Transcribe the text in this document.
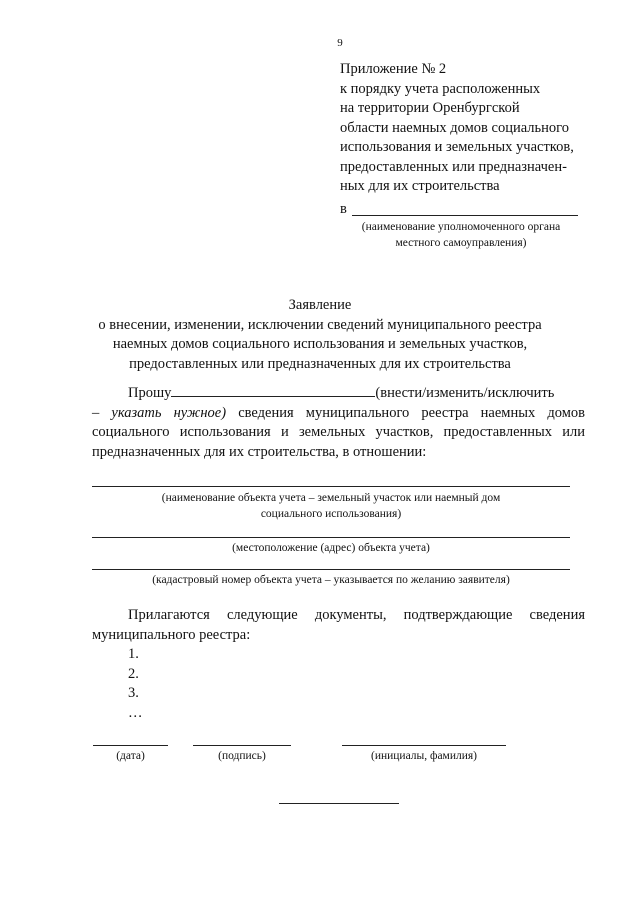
9
Приложение № 2
к порядку учета расположенных
на территории Оренбургской
области наемных домов социального
использования и земельных участков,
предоставленных или предназначен-
ных для их строительства
в
(наименование уполномоченного органа
местного самоуправления)
Заявление
о внесении, изменении, исключении сведений муниципального реестра
наемных домов социального использования и земельных участков,
предоставленных или предназначенных для их строительства
Прошу	(внести/изменить/исключить        – указать нужное) сведения муниципального реестра наемных домов социального использования и земельных участков, предоставленных или предназначенных для их строительства, в отношении:
(наименование объекта учета – земельный участок или наемный дом
социального использования)
(местоположение (адрес) объекта учета)
(кадастровый номер объекта учета – указывается по желанию заявителя)
Прилагаются следующие документы, подтверждающие сведения муниципального реестра:
1.
2.
3.
…
(дата)	(подпись)	(инициалы, фамилия)
